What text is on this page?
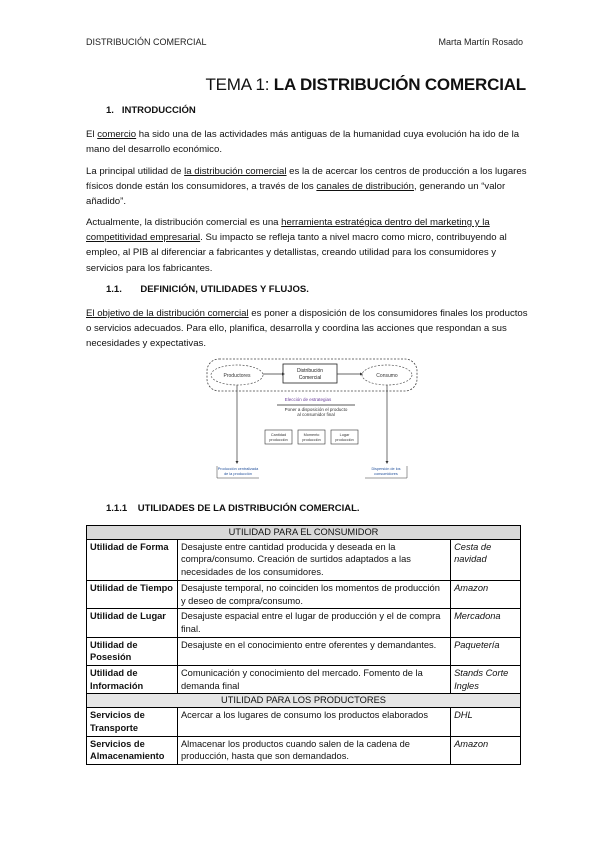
DISTRIBUCIÓN COMERCIAL	Marta Martín Rosado
TEMA 1: LA DISTRIBUCIÓN COMERCIAL
1. INTRODUCCIÓN
El comercio ha sido una de las actividades más antiguas de la humanidad cuya evolución ha ido de la mano del desarrollo económico.
La principal utilidad de la distribución comercial es la de acercar los centros de producción a los lugares físicos donde están los consumidores, a través de los canales de distribución, generando un “valor añadido”.
Actualmente, la distribución comercial es una herramienta estratégica dentro del marketing y la competitividad empresarial. Su impacto se refleja tanto a nivel macro como micro, contribuyendo al empleo, al PIB al diferenciar a fabricantes y detallistas, creando utilidad para los consumidores y servicios para los fabricantes.
1.1. DEFINICIÓN, UTILIDADES Y FLUJOS.
El objetivo de la distribución comercial es poner a disposición de los consumidores finales los productos o servicios adecuados. Para ello, planifica, desarrolla y coordina las acciones que respondan a sus necesidades y expectativas.
Productores	Consumo
Distribución
Comercial
Elección de estrategias
Poner a disposición el producto
al consumidor final
Cantidad
producción
Momento
producción
Lugar
producción
Producción centralizada
de la producción
Dispersión de los
consumidores
1.1.1 UTILIDADES DE LA DISTRIBUCIÓN COMERCIAL.
UTILIDAD PARA EL CONSUMIDOR		
Utilidad de Forma	Desajuste entre cantidad producida y deseada en la compra/consumo. Creación de surtidos adaptados a las necesidades de los consumidores.	Cesta de navidad
Utilidad de Tiempo	Desajuste temporal, no coinciden los momentos de producción y deseo de compra/consumo.	Amazon
Utilidad de Lugar	Desajuste espacial entre el lugar de producción y el de compra final.	Mercadona
Utilidad de Posesión	Desajuste en el conocimiento entre oferentes y demandantes.	Paquetería
Utilidad de Información	Comunicación y conocimiento del mercado. Fomento de la demanda final	Stands Corte Ingles
UTILIDAD PARA LOS PRODUCTORES		
Servicios de Transporte	Acercar a los lugares de consumo los productos elaborados	DHL
Servicios de Almacenamiento	Almacenar los productos cuando salen de la cadena de producción, hasta que son demandados.	Amazon
